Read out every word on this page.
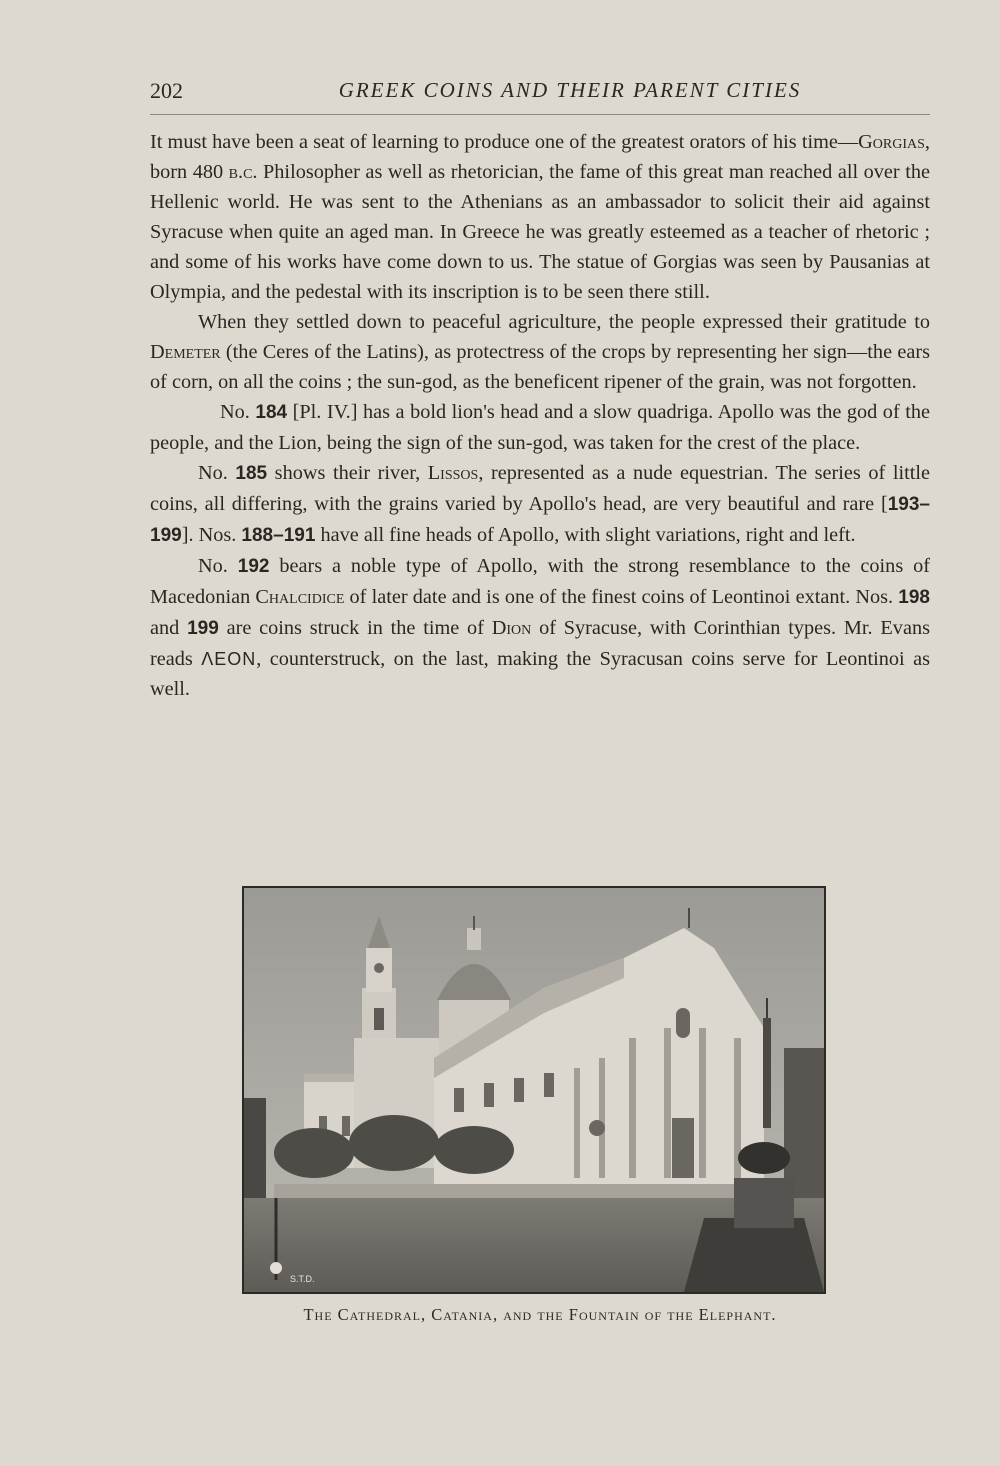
202	GREEK COINS AND THEIR PARENT CITIES

It must have been a seat of learning to produce one of the greatest orators of his time—Gorgias, born 480 b.c. Philosopher as well as rhetorician, the fame of this great man reached all over the Hellenic world. He was sent to the Athenians as an ambassador to solicit their aid against Syracuse when quite an aged man. In Greece he was greatly esteemed as a teacher of rhetoric ; and some of his works have come down to us. The statue of Gorgias was seen by Pausanias at Olympia, and the pedestal with its inscription is to be seen there still.

When they settled down to peaceful agriculture, the people expressed their gratitude to Demeter (the Ceres of the Latins), as protectress of the crops by representing her sign—the ears of corn, on all the coins ; the sun-god, as the beneficent ripener of the grain, was not forgotten.

No. 184 [Pl. IV.] has a bold lion's head and a slow quadriga. Apollo was the god of the people, and the Lion, being the sign of the sun-god, was taken for the crest of the place.

No. 185 shows their river, Lissos, represented as a nude equestrian. The series of little coins, all differing, with the grains varied by Apollo's head, are very beautiful and rare [193–199]. Nos. 188–191 have all fine heads of Apollo, with slight variations, right and left.

No. 192 bears a noble type of Apollo, with the strong resemblance to the coins of Macedonian Chalcidice of later date and is one of the finest coins of Leontinoi extant. Nos. 198 and 199 are coins struck in the time of Dion of Syracuse, with Corinthian types. Mr. Evans reads ΛΕΟΝ, counterstruck, on the last, making the Syracusan coins serve for Leontinoi as well.

S.T.D.
The Cathedral, Catania, and the Fountain of the Elephant.
